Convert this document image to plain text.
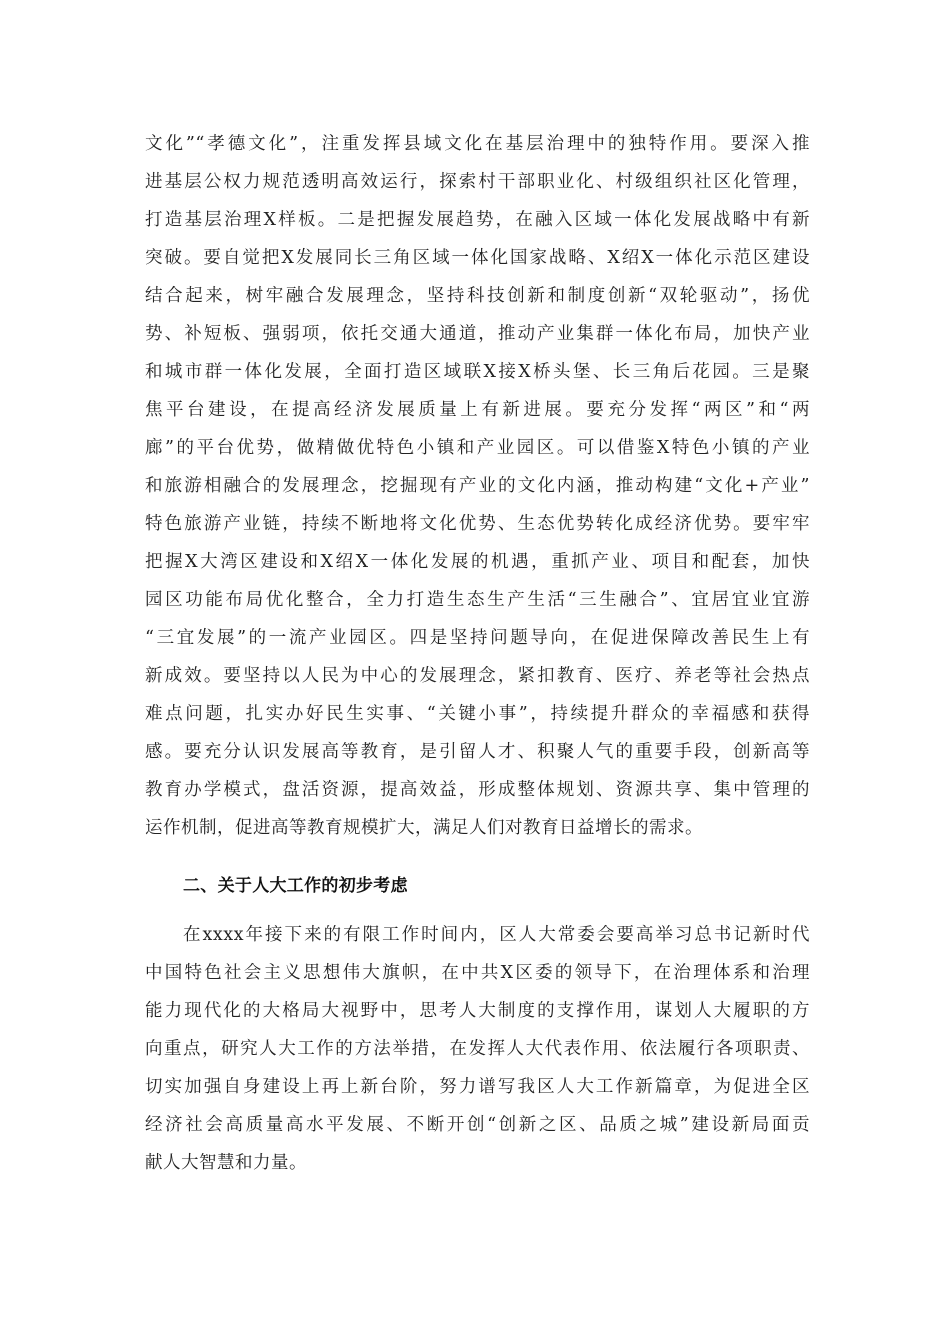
文化”“孝德文化”，注重发挥县域文化在基层治理中的独特作用。要深入推
进基层公权力规范透明高效运行，探索村干部职业化、村级组织社区化管理，
打造基层治理X样板。二是把握发展趋势，在融入区域一体化发展战略中有新
突破。要自觉把X发展同长三角区域一体化国家战略、X绍X一体化示范区建设
结合起来，树牢融合发展理念，坚持科技创新和制度创新“双轮驱动”，扬优
势、补短板、强弱项，依托交通大通道，推动产业集群一体化布局，加快产业
和城市群一体化发展，全面打造区域联X接X桥头堡、长三角后花园。三是聚
焦平台建设，在提高经济发展质量上有新进展。要充分发挥“两区”和“两
廊”的平台优势，做精做优特色小镇和产业园区。可以借鉴X特色小镇的产业
和旅游相融合的发展理念，挖掘现有产业的文化内涵，推动构建“文化+产业”
特色旅游产业链，持续不断地将文化优势、生态优势转化成经济优势。要牢牢
把握X大湾区建设和X绍X一体化发展的机遇，重抓产业、项目和配套，加快
园区功能布局优化整合，全力打造生态生产生活“三生融合”、宜居宜业宜游
“三宜发展”的一流产业园区。四是坚持问题导向，在促进保障改善民生上有
新成效。要坚持以人民为中心的发展理念，紧扣教育、医疗、养老等社会热点
难点问题，扎实办好民生实事、“关键小事”，持续提升群众的幸福感和获得
感。要充分认识发展高等教育，是引留人才、积聚人气的重要手段，创新高等
教育办学模式，盘活资源，提高效益，形成整体规划、资源共享、集中管理的
运作机制，促进高等教育规模扩大，满足人们对教育日益增长的需求。
二、关于人大工作的初步考虑
在xxxx年接下来的有限工作时间内，区人大常委会要高举习总书记新时代
中国特色社会主义思想伟大旗帜，在中共X区委的领导下，在治理体系和治理
能力现代化的大格局大视野中，思考人大制度的支撑作用，谋划人大履职的方
向重点，研究人大工作的方法举措，在发挥人大代表作用、依法履行各项职责、
切实加强自身建设上再上新台阶，努力谱写我区人大工作新篇章，为促进全区
经济社会高质量高水平发展、不断开创“创新之区、品质之城”建设新局面贡
献人大智慧和力量。
